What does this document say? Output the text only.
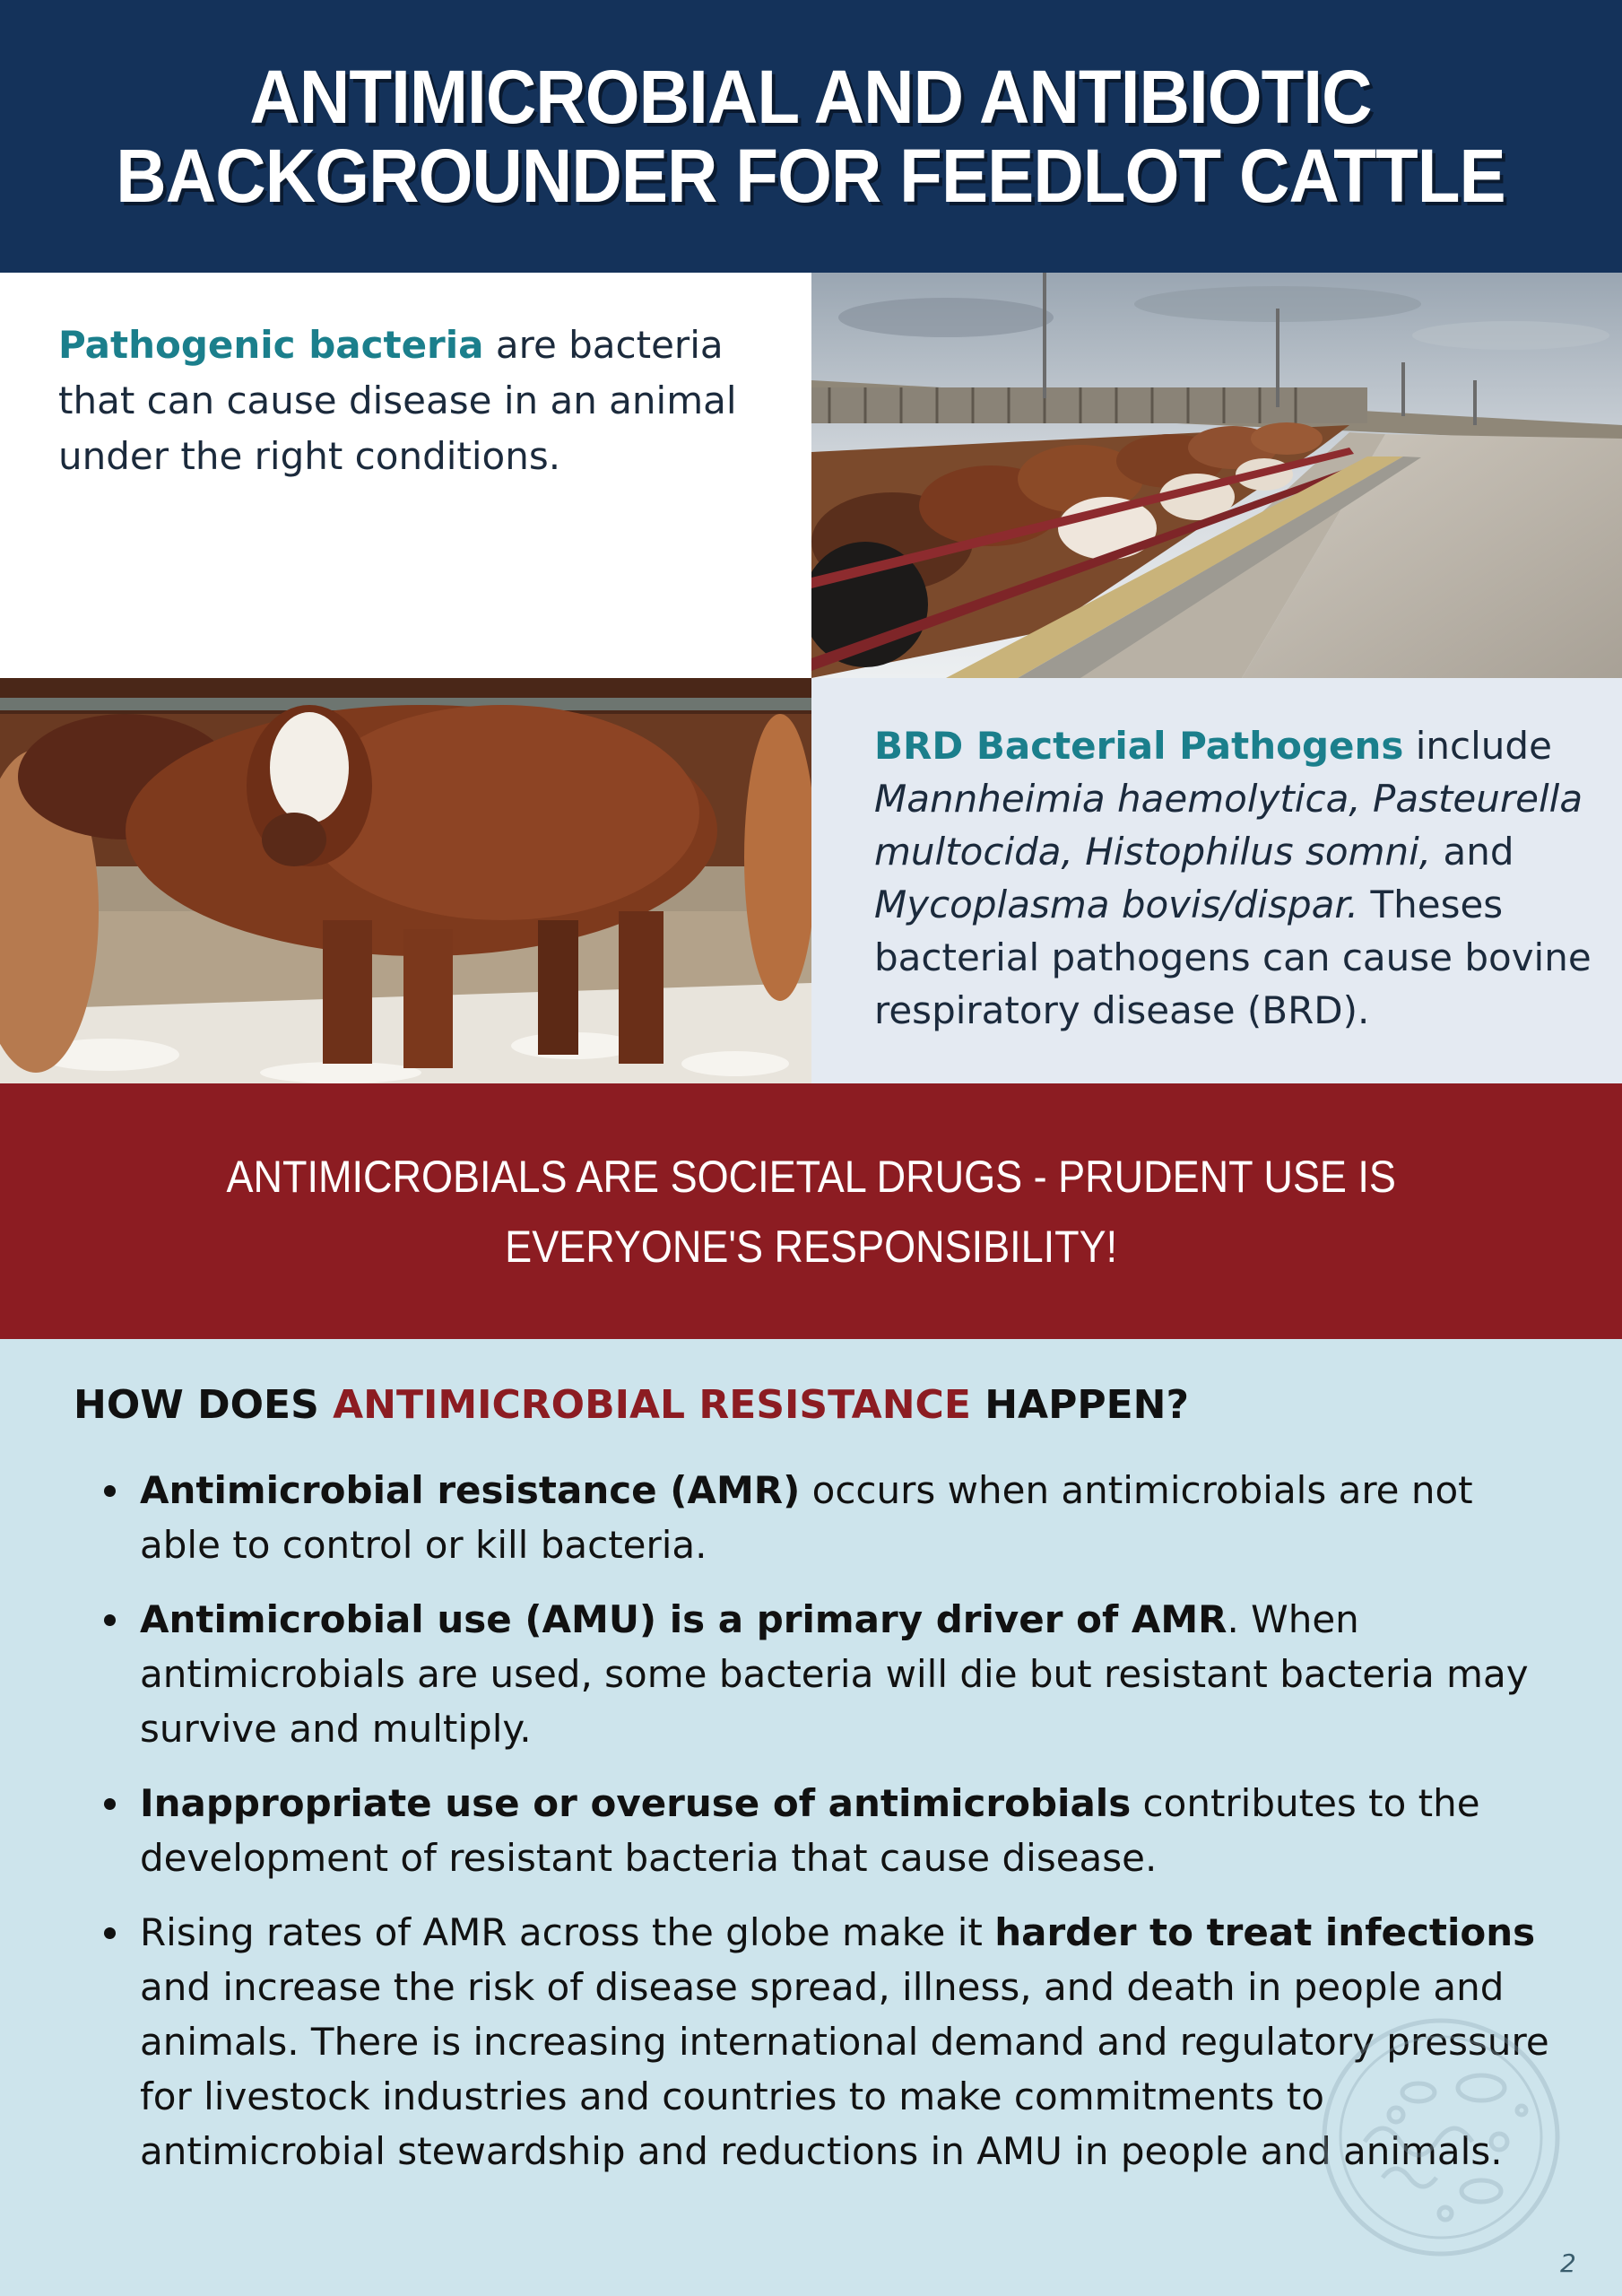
ANTIMICROBIAL AND ANTIBIOTIC
BACKGROUNDER FOR FEEDLOT CATTLE

Pathogenic bacteria are bacteria that can cause disease in an animal under the right conditions.

BRD Bacterial Pathogens include Mannheimia haemolytica, Pasteurella multocida, Histophilus somni, and Mycoplasma bovis/dispar. Theses bacterial pathogens can cause bovine respiratory disease (BRD).

ANTIMICROBIALS ARE SOCIETAL DRUGS - PRUDENT USE IS
EVERYONE'S RESPONSIBILITY!

HOW DOES ANTIMICROBIAL RESISTANCE HAPPEN?
Antimicrobial resistance (AMR) occurs when antimicrobials are not able to control or kill bacteria.
Antimicrobial use (AMU) is a primary driver of AMR. When antimicrobials are used, some bacteria will die but resistant bacteria may survive and multiply.
Inappropriate use or overuse of antimicrobials contributes to the development of resistant bacteria that cause disease.
Rising rates of AMR across the globe make it harder to treat infections and increase the risk of disease spread, illness, and death in people and animals. There is increasing international demand and regulatory pressure for livestock industries and countries to make commitments to antimicrobial stewardship and reductions in AMU in people and animals.
2
